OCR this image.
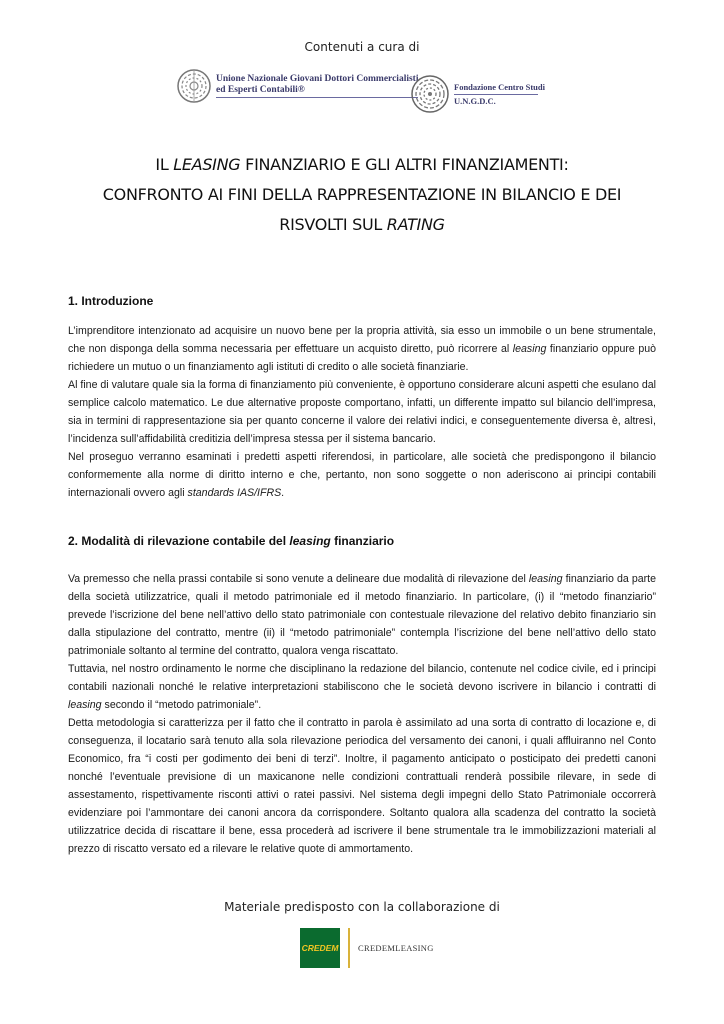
Contenuti a cura di
Unione Nazionale Giovani Dottori Commercialisti
ed Esperti Contabili®	Fondazione Centro Studi
U.N.G.D.C.
IL LEASING FINANZIARIO E GLI ALTRI FINANZIAMENTI:
CONFRONTO AI FINI DELLA RAPPRESENTAZIONE IN BILANCIO E DEI
RISVOLTI SUL RATING
1. Introduzione
L’imprenditore intenzionato ad acquisire un nuovo bene per la propria attività, sia esso un immobile o un bene strumentale, che non disponga della somma necessaria per effettuare un acquisto diretto, può ricorrere al leasing finanziario oppure può richiedere un mutuo o un finanziamento agli istituti di credito o alle società finanziarie.
Al fine di valutare quale sia la forma di finanziamento più conveniente, è opportuno considerare alcuni aspetti che esulano dal semplice calcolo matematico. Le due alternative proposte comportano, infatti, un differente impatto sul bilancio dell’impresa, sia in termini di rappresentazione sia per quanto concerne il valore dei relativi indici, e conseguentemente diversa è, altresì, l’incidenza sull’affidabilità creditizia dell’impresa stessa per il sistema bancario.
Nel proseguo verranno esaminati i predetti aspetti riferendosi, in particolare, alle società che predispongono il bilancio conformemente alla norme di diritto interno e che, pertanto, non sono soggette o non aderiscono ai principi contabili internazionali ovvero agli standards IAS/IFRS.
2. Modalità di rilevazione contabile del leasing finanziario
Va premesso che nella prassi contabile si sono venute a delineare due modalità di rilevazione del leasing finanziario da parte della società utilizzatrice, quali il metodo patrimoniale ed il metodo finanziario. In particolare, (i) il “metodo finanziario” prevede l’iscrizione del bene nell’attivo dello stato patrimoniale con contestuale rilevazione del relativo debito finanziario sin dalla stipulazione del contratto, mentre (ii) il “metodo patrimoniale” contempla l’iscrizione del bene nell’attivo dello stato patrimoniale soltanto al termine del contratto, qualora venga riscattato.
Tuttavia, nel nostro ordinamento le norme che disciplinano la redazione del bilancio, contenute nel codice civile, ed i principi contabili nazionali nonché le relative interpretazioni stabiliscono che le società devono iscrivere in bilancio i contratti di leasing secondo il “metodo patrimoniale”.
Detta metodologia si caratterizza per il fatto che il contratto in parola è assimilato ad una sorta di contratto di locazione e, di conseguenza, il locatario sarà tenuto alla sola rilevazione periodica del versamento dei canoni, i quali affluiranno nel Conto Economico, fra “i costi per godimento dei beni di terzi”. Inoltre, il pagamento anticipato o posticipato dei predetti canoni nonché l’eventuale previsione di un maxicanone nelle condizioni contrattuali renderà possibile rilevare, in sede di assestamento, rispettivamente risconti attivi o ratei passivi. Nel sistema degli impegni dello Stato Patrimoniale occorrerà evidenziare poi l’ammontare dei canoni ancora da corrispondere. Soltanto qualora alla scadenza del contratto la società utilizzatrice decida di riscattare il bene, essa procederà ad iscrivere il bene strumentale tra le immobilizzazioni materiali al prezzo di riscatto versato ed a rilevare le relative quote di ammortamento.
Materiale predisposto con la collaborazione di
CREDEM CREDEMLEASING
